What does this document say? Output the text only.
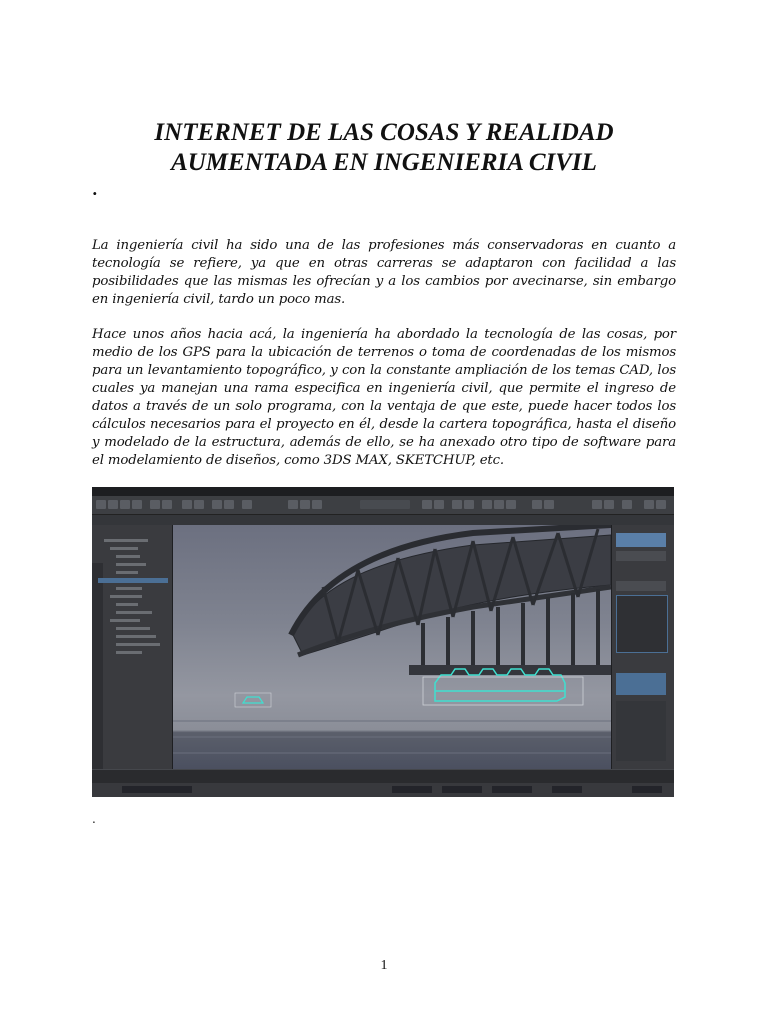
INTERNET DE LAS COSAS Y REALIDAD
AUMENTADA EN INGENIERIA CIVIL
.

La ingeniería civil ha sido una de las profesiones más conservadoras en cuanto a tecnología se refiere, ya que en otras carreras se adaptaron con facilidad a las posibilidades que las mismas les ofrecían y a los cambios por avecinarse, sin embargo en ingeniería civil, tardo un poco mas.

Hace unos años hacia acá, la ingeniería ha abordado la tecnología de las cosas, por medio de los GPS para la ubicación de terrenos o toma de coordenadas de los mismos para un levantamiento topográfico, y con la constante ampliación de los temas CAD, los cuales ya manejan una rama especifica en ingeniería civil, que permite el ingreso de datos a través de un solo programa, con la ventaja de que este, puede hacer todos los cálculos necesarios para el proyecto en él, desde la cartera topográfica, hasta el diseño y modelado de la estructura, además de ello, se ha anexado otro tipo de software para el modelamiento de diseños, como 3DS MAX, SKETCHUP, etc.

.
1
